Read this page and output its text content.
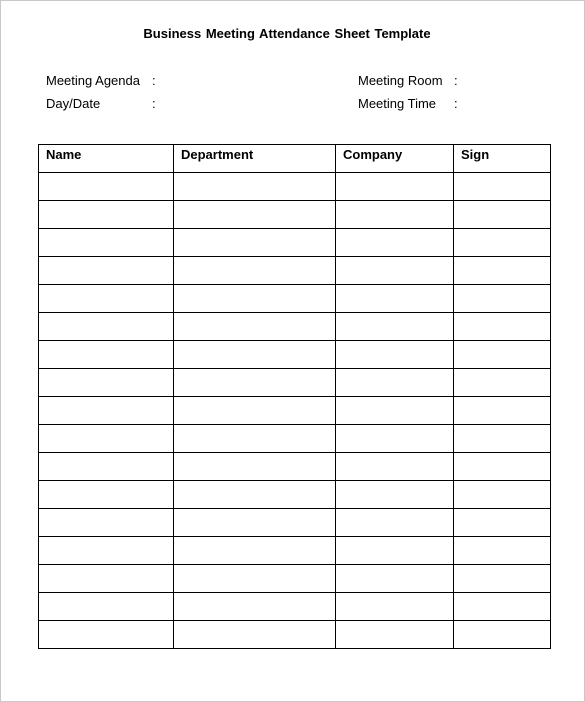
Business Meeting Attendance Sheet Template
Meeting Agenda :
Day/Date	:
Meeting Room :
Meeting Time :
Name	Department	Company	Sign
